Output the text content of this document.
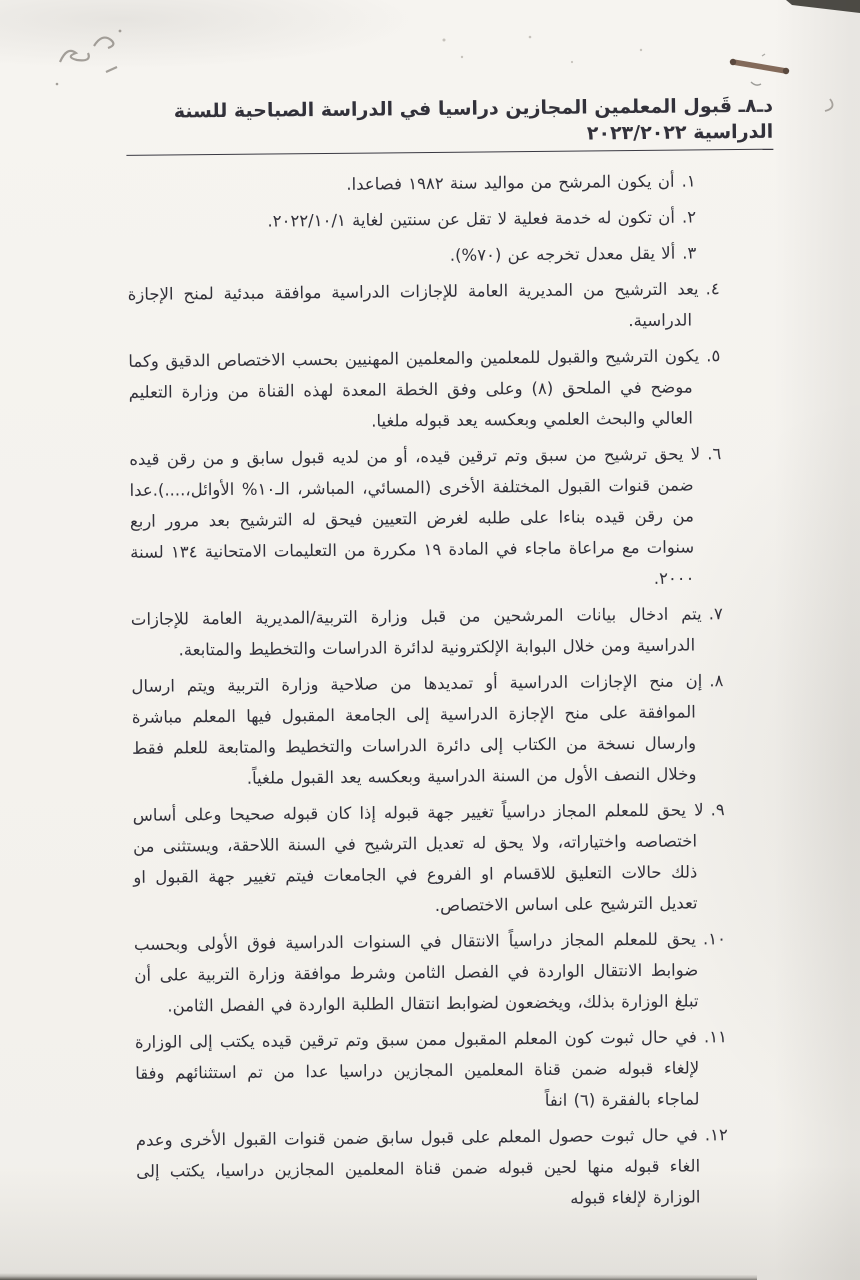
دـ٨ـ قَبول المعلمين المجازين دراسيا في الدراسة الصباحية للسنة الدراسية ٢٠٢٣/٢٠٢٢

١.أن يكون المرشح من مواليد سنة ١٩٨٢ فصاعدا.

٢.أن تكون له خدمة فعلية لا تقل عن سنتين لغاية ٢٠٢٢/١٠/١.

٣.ألا يقل معدل تخرجه عن (٧٠%).

٤.يعد الترشيح من المديرية العامة للإجازات الدراسية موافقة مبدئية لمنح الإجازة الدراسية.

٥.يكون الترشيح والقبول للمعلمين والمعلمين المهنيين بحسب الاختصاص الدقيق وكما موضح في الملحق (٨) وعلى وفق الخطة المعدة لهذه القناة من وزارة التعليم العالي والبحث العلمي وبعكسه يعد قبوله ملغيا.

٦.لا يحق ترشيح من سبق وتم ترقين قيده، أو من لديه قبول سابق و من رقن قيده ضمن قنوات القبول المختلفة الأخرى (المسائي، المباشر، الـ١٠% الأوائل،....).عدا من رقن قيده بناءا على طلبه لغرض التعيين فيحق له الترشيح بعد مرور اربع سنوات مع مراعاة ماجاء في المادة ١٩ مكررة من التعليمات الامتحانية ١٣٤ لسنة ٢٠٠٠.

٧.يتم ادخال بيانات المرشحين من قبل وزارة التربية/المديرية العامة للإجازات الدراسية ومن خلال البوابة الإلكترونية لدائرة الدراسات والتخطيط والمتابعة.

٨.إن منح الإجازات الدراسية أو تمديدها من صلاحية وزارة التربية ويتم ارسال الموافقة على منح الإجازة الدراسية إلى الجامعة المقبول فيها المعلم مباشرة وارسال نسخة من الكتاب إلى دائرة الدراسات والتخطيط والمتابعة للعلم فقط وخلال النصف الأول من السنة الدراسية وبعكسه يعد القبول ملغياً.

٩.لا يحق للمعلم المجاز دراسياً تغيير جهة قبوله إذا كان قبوله صحيحا وعلى أساس اختصاصه واختياراته، ولا يحق له تعديل الترشيح في السنة اللاحقة، ويستثنى من ذلك حالات التعليق للاقسام او الفروع في الجامعات فيتم تغيير جهة القبول او تعديل الترشيح على اساس الاختصاص.

١٠.يحق للمعلم المجاز دراسياً الانتقال في السنوات الدراسية فوق الأولى وبحسب ضوابط الانتقال الواردة في الفصل الثامن وشرط موافقة وزارة التربية على أن تبلغ الوزارة بذلك، ويخضعون لضوابط انتقال الطلبة الواردة في الفصل الثامن.

١١.في حال ثبوت كون المعلم المقبول ممن سبق وتم ترقين قيده يكتب إلى الوزارة لإلغاء قبوله ضمن قناة المعلمين المجازين دراسيا عدا من تم استثنائهم وفقا لماجاء بالفقرة (٦) انفاً

١٢.في حال ثبوت حصول المعلم على قبول سابق ضمن قنوات القبول الأخرى وعدم الغاء قبوله منها لحين قبوله ضمن قناة المعلمين المجازين دراسيا، يكتب إلى الوزارة لإلغاء قبوله
